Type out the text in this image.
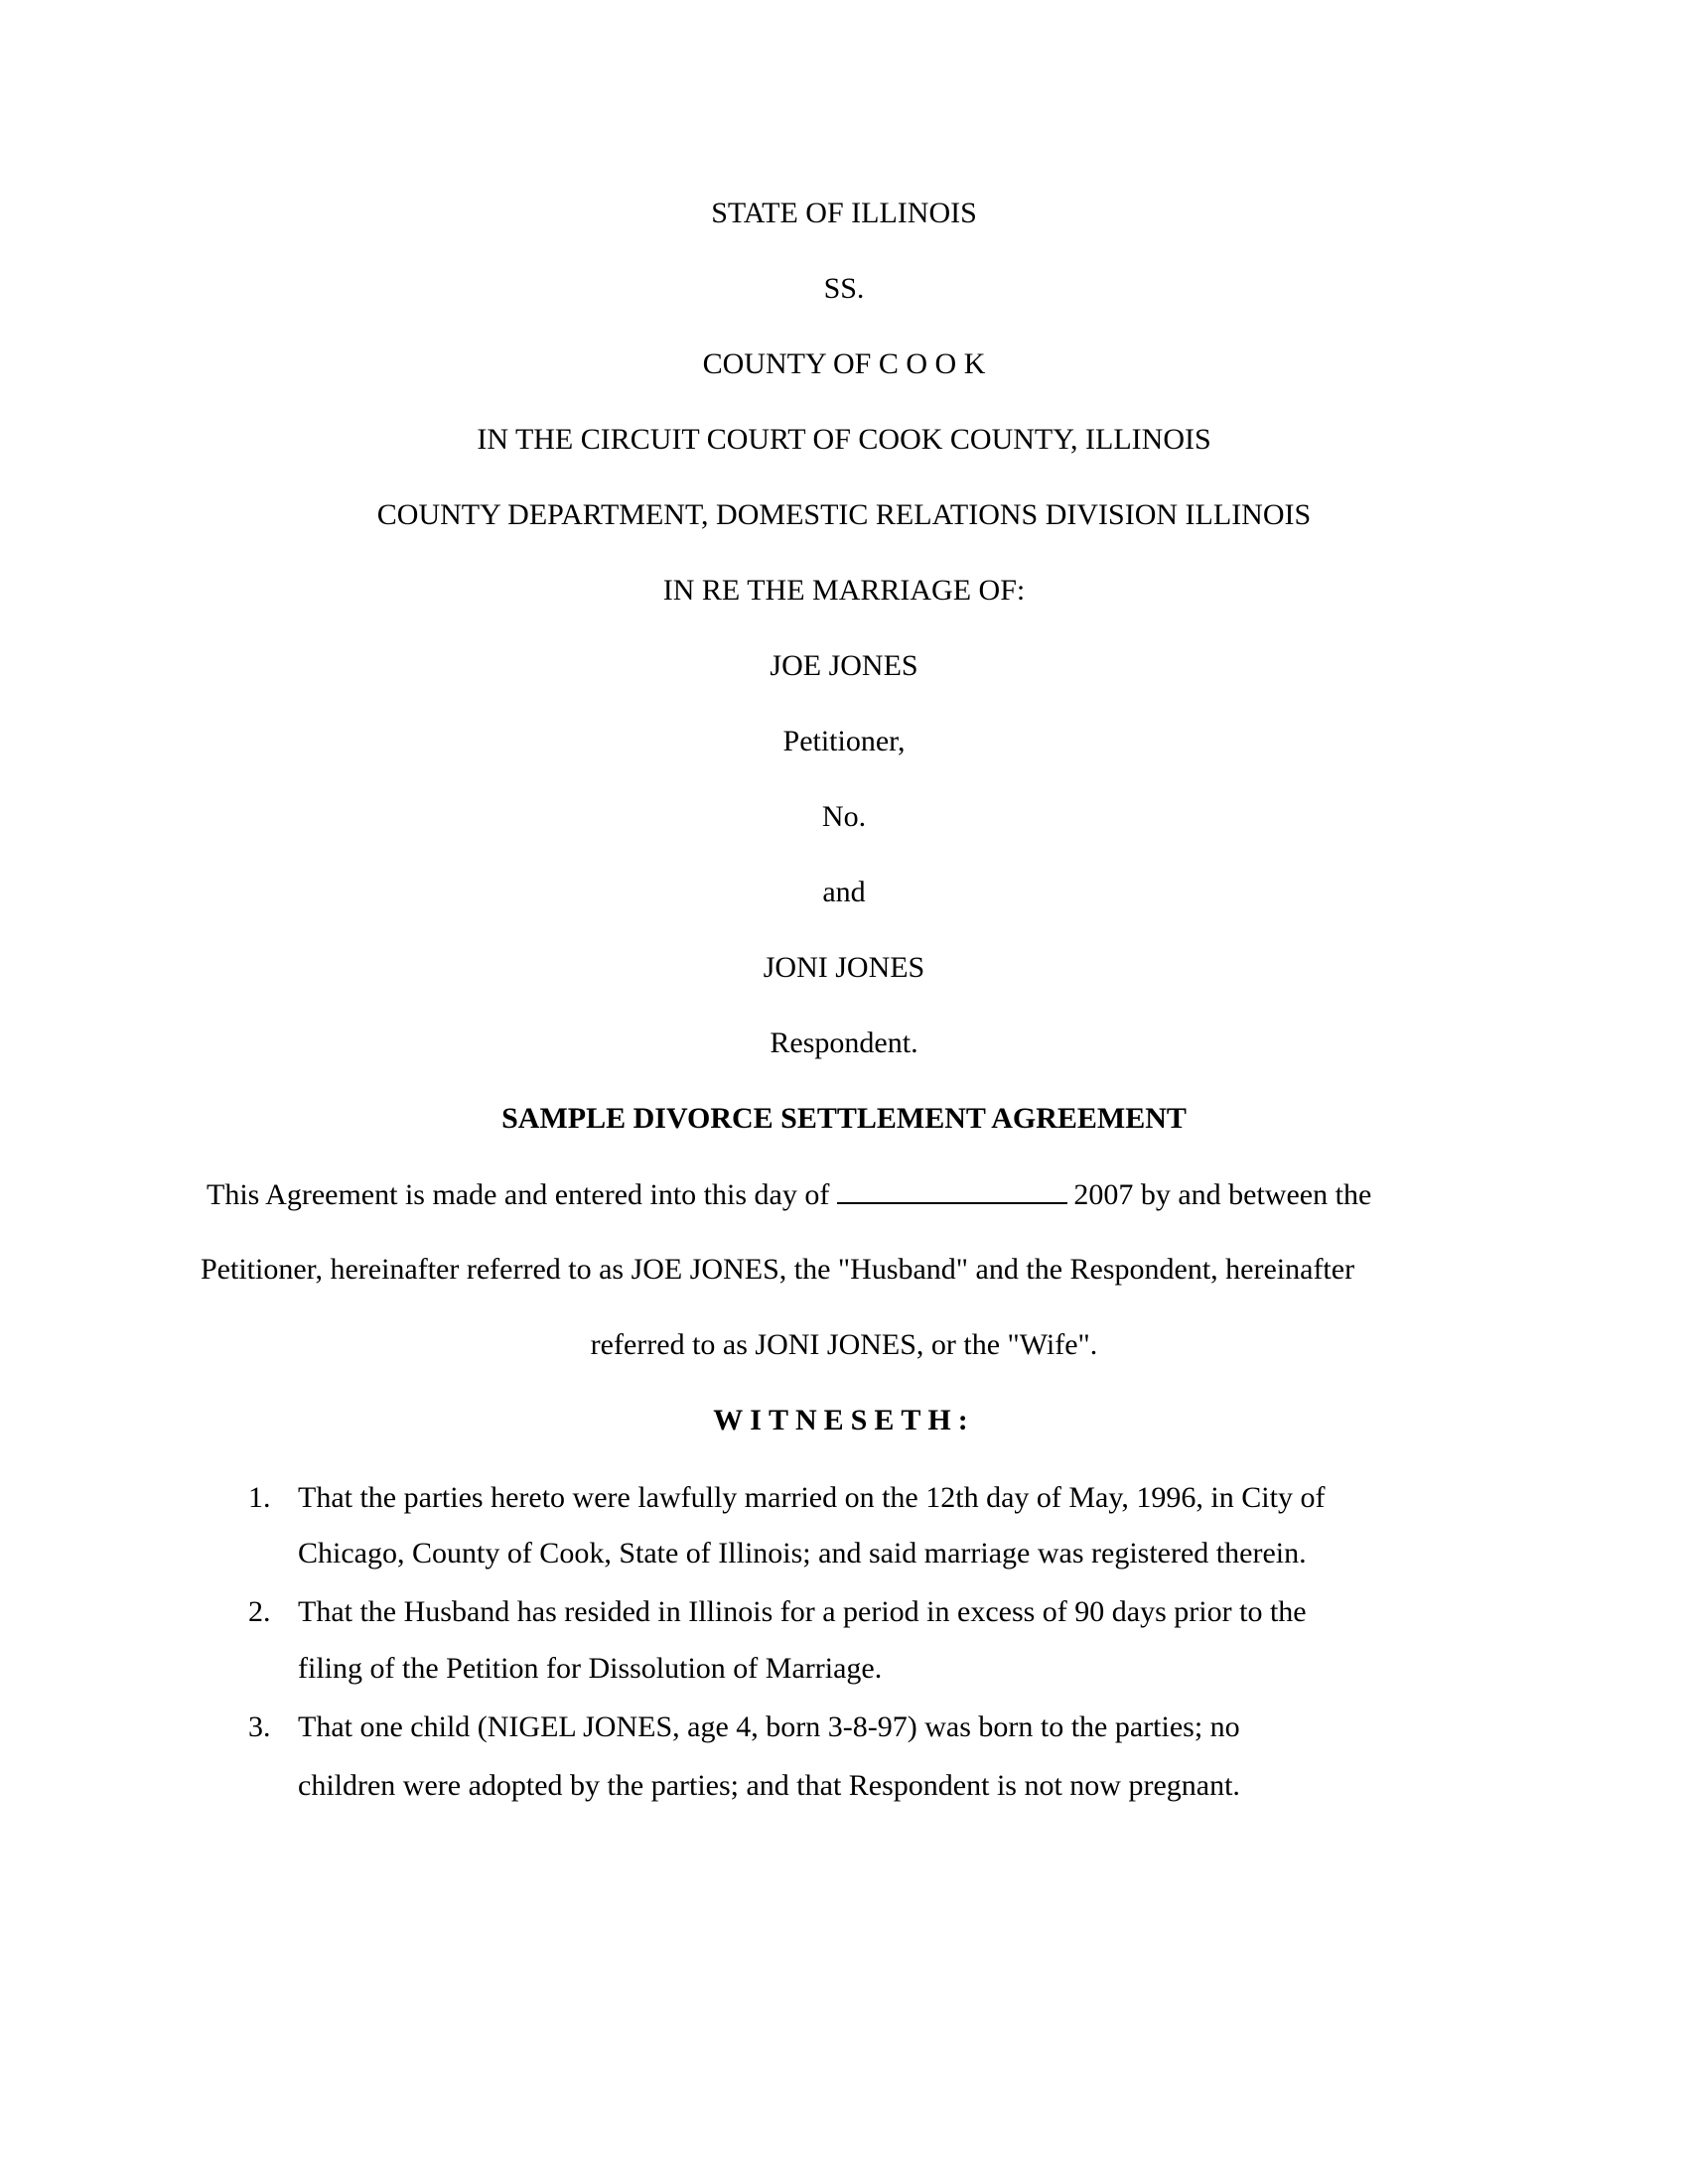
STATE OF ILLINOIS
SS.
COUNTY OF C O O K
IN THE CIRCUIT COURT OF COOK COUNTY, ILLINOIS
COUNTY DEPARTMENT, DOMESTIC RELATIONS DIVISION ILLINOIS
IN RE THE MARRIAGE OF:
JOE JONES
Petitioner,
No.
and
JONI JONES
Respondent.
SAMPLE DIVORCE SETTLEMENT AGREEMENT
This Agreement is made and entered into this day of	2007 by and between the
Petitioner, hereinafter referred to as JOE JONES, the "Husband" and the Respondent, hereinafter
referred to as JONI JONES, or the "Wife".
WITNESETH:
1. That the parties hereto were lawfully married on the 12th day of May, 1996, in City of
Chicago, County of Cook, State of Illinois; and said marriage was registered therein.
2. That the Husband has resided in Illinois for a period in excess of 90 days prior to the
filing of the Petition for Dissolution of Marriage.
3. That one child (NIGEL JONES, age 4, born 3-8-97) was born to the parties; no
children were adopted by the parties; and that Respondent is not now pregnant.
